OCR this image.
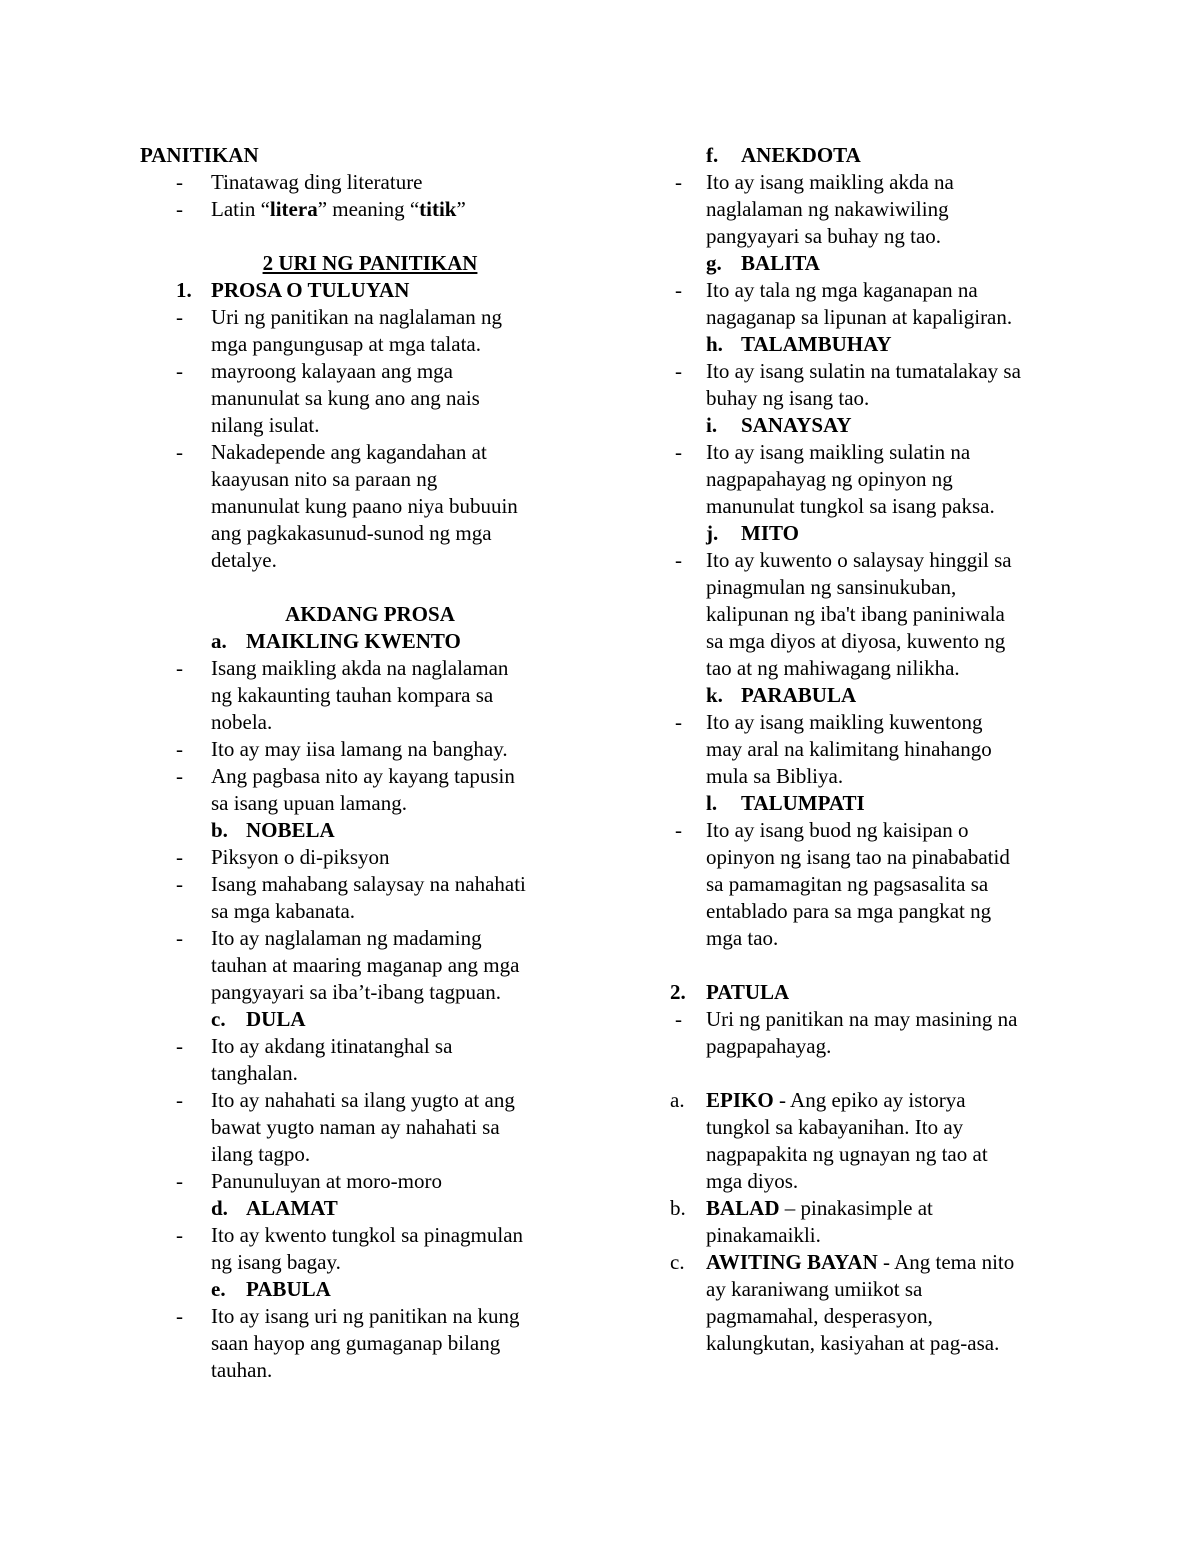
PANITIKAN
-	Tinatawag ding literature
-	Latin “litera” meaning “titik”
2 URI NG PANITIKAN
1. PROSA O TULUYAN
-	Uri ng panitikan na naglalaman ng
mga pangungusap at mga talata.
-	mayroong kalayaan ang mga
manunulat sa kung ano ang nais
nilang isulat.
-	Nakadepende ang kagandahan at
kaayusan nito sa paraan ng
manunulat kung paano niya bubuuin
ang pagkakasunud-sunod ng mga
detalye.
AKDANG PROSA
a. MAIKLING KWENTO
-	Isang maikling akda na naglalaman
ng kakaunting tauhan kompara sa
nobela.
-	Ito ay may iisa lamang na banghay.
-	Ang pagbasa nito ay kayang tapusin
sa isang upuan lamang.
b. NOBELA
-	Piksyon o di-piksyon
-	Isang mahabang salaysay na nahahati
sa mga kabanata.
-	Ito ay naglalaman ng madaming
tauhan at maaring maganap ang mga
pangyayari sa iba’t-ibang tagpuan.
c. DULA
-	Ito ay akdang itinatanghal sa
tanghalan.
-	Ito ay nahahati sa ilang yugto at ang
bawat yugto naman ay nahahati sa
ilang tagpo.
-	Panunuluyan at moro-moro
d. ALAMAT
-	Ito ay kwento tungkol sa pinagmulan
ng isang bagay.
e. PABULA
-	Ito ay isang uri ng panitikan na kung
saan hayop ang gumaganap bilang
tauhan.
f.	ANEKDOTA
-	Ito ay isang maikling akda na
naglalaman ng nakawiwiling
pangyayari sa buhay ng tao.
g. BALITA
-	Ito ay tala ng mga kaganapan na
nagaganap sa lipunan at kapaligiran.
h. TALAMBUHAY
-	Ito ay isang sulatin na tumatalakay sa
buhay ng isang tao.
i.	SANAYSAY
-	Ito ay isang maikling sulatin na
nagpapahayag ng opinyon ng
manunulat tungkol sa isang paksa.
j.	MITO
-	Ito ay kuwento o salaysay hinggil sa
pinagmulan ng sansinukuban,
kalipunan ng iba't ibang paniniwala
sa mga diyos at diyosa, kuwento ng
tao at ng mahiwagang nilikha.
k. PARABULA
-	Ito ay isang maikling kuwentong
may aral na kalimitang hinahango
mula sa Bibliya.
l.	TALUMPATI
-	Ito ay isang buod ng kaisipan o
opinyon ng isang tao na pinababatid
sa pamamagitan ng pagsasalita sa
entablado para sa mga pangkat ng
mga tao.
2. PATULA
-	Uri ng panitikan na may masining na
pagpapahayag.
a.	EPIKO - Ang epiko ay istorya
tungkol sa kabayanihan. Ito ay
nagpapakita ng ugnayan ng tao at
mga diyos.
b. BALAD – pinakasimple at
pinakamaikli.
c.	AWITING BAYAN - Ang tema nito
ay karaniwang umiikot sa
pagmamahal, desperasyon,
kalungkutan, kasiyahan at pag-asa.
